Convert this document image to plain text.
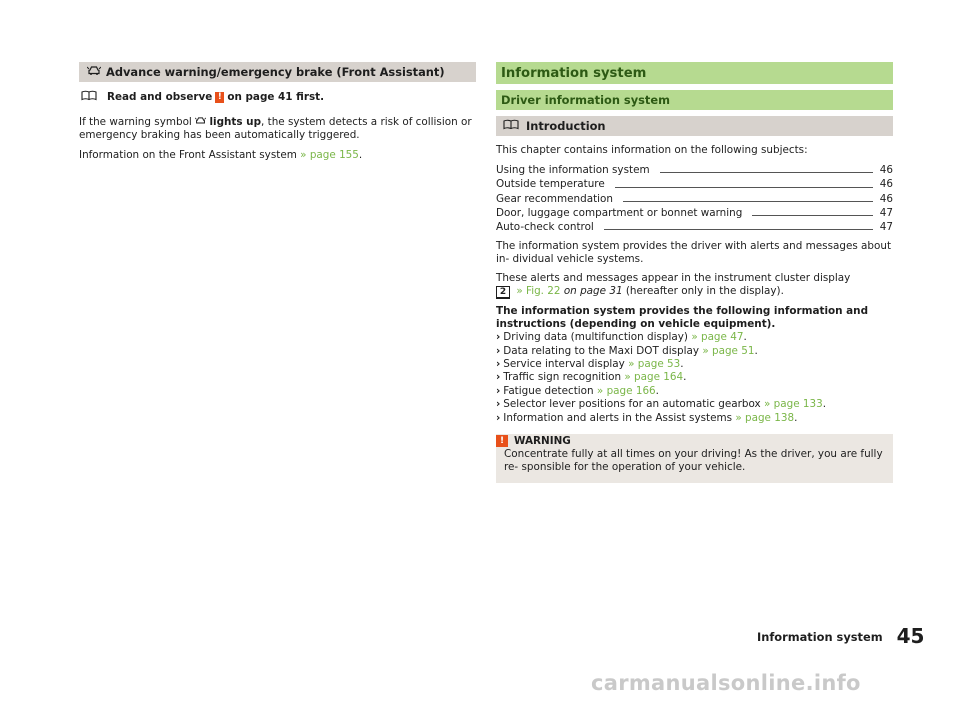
Advance warning/emergency brake (Front Assistant)
Read and observe ! on page 41 first.

If the warning symbol lights up, the system detects a risk of collision or emergency braking has been automatically triggered.

Information on the Front Assistant system » page 155.

Information system
Driver information system
Introduction

This chapter contains information on the following subjects:

Using the information system	46
Outside temperature	46
Gear recommendation	46
Door, luggage compartment or bonnet warning	47
Auto-check control	47

The information system provides the driver with alerts and messages about in- dividual vehicle systems.

These alerts and messages appear in the instrument cluster display
2 » Fig. 22 on page 31 (hereafter only in the display).

The information system provides the following information and instructions (depending on vehicle equipment).

› Driving data (multifunction display) » page 47.
› Data relating to the Maxi DOT display » page 51.
› Service interval display » page 53.
› Traffic sign recognition » page 164.
› Fatigue detection » page 166.
› Selector lever positions for an automatic gearbox » page 133.
› Information and alerts in the Assist systems » page 138.
! WARNING
Concentrate fully at all times on your driving! As the driver, you are fully re- sponsible for the operation of your vehicle.
Information system 45
carmanualsonline.info
